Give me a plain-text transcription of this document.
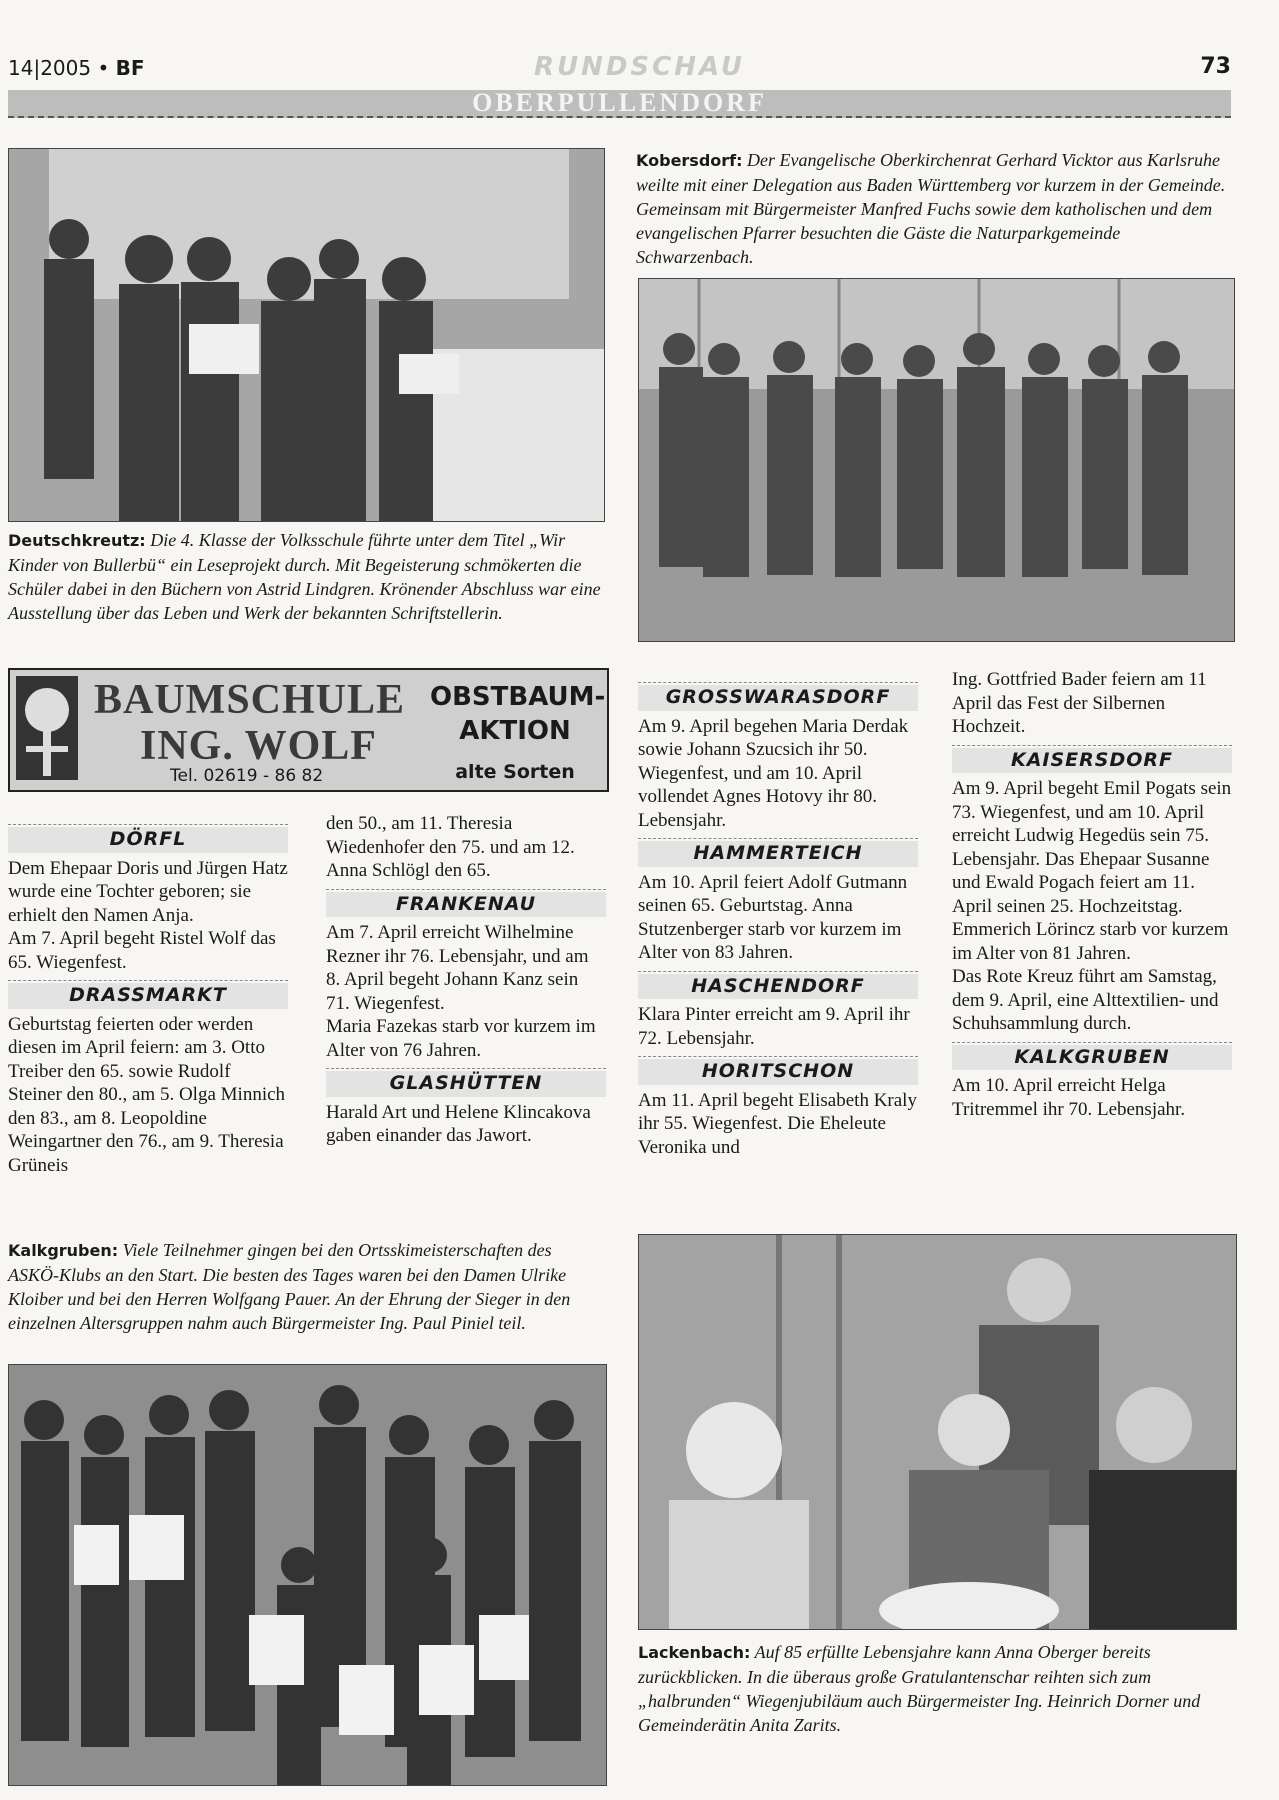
14|2005 • BF	RUNDSCHAU	73
OBERPULLENDORF
Kobersdorf: Der Evangelische Oberkirchenrat Gerhard Vicktor aus Karlsruhe weilte mit einer Delegation aus Baden Württemberg vor kurzem in der Gemeinde. Gemeinsam mit Bürgermeister Manfred Fuchs sowie dem katholischen und dem evangelischen Pfarrer besuchten die Gäste die Naturparkgemeinde Schwarzenbach.
Deutschkreutz: Die 4. Klasse der Volksschule führte unter dem Titel „Wir Kinder von Bullerbü“ ein Leseprojekt durch. Mit Begeisterung schmökerten die Schüler dabei in den Büchern von Astrid Lindgren. Krönender Abschluss war eine Ausstellung über das Leben und Werk der bekannten Schriftstellerin.
BAUMSCHULE
ING. WOLF
Tel. 02619 - 86 82
OBSTBAUM-
AKTION
alte Sorten
DÖRFL

Dem Ehepaar Doris und Jürgen Hatz wurde eine Tochter geboren; sie erhielt den Namen Anja.

Am 7. April begeht Ristel Wolf das 65. Wiegenfest.

DRASSMARKT

Geburtstag feierten oder werden diesen im April feiern: am 3. Otto Treiber den 65. sowie Rudolf Steiner den 80., am 5. Olga Minnich den 83., am 8. Leopoldine Weingartner den 76., am 9. Theresia Grüneis

den 50., am 11. Theresia Wiedenhofer den 75. und am 12. Anna Schlögl den 65.

FRANKENAU

Am 7. April erreicht Wilhelmine Rezner ihr 76. Lebensjahr, und am 8. April begeht Johann Kanz sein 71. Wiegenfest.

Maria Fazekas starb vor kurzem im Alter von 76 Jahren.

GLASHÜTTEN

Harald Art und Helene Klincakova gaben einander das Jawort.

GROSSWARASDORF

Am 9. April begehen Maria Derdak sowie Johann Szucsich ihr 50. Wiegenfest, und am 10. April vollendet Agnes Hotovy ihr 80. Lebensjahr.

HAMMERTEICH

Am 10. April feiert Adolf Gutmann seinen 65. Geburtstag. Anna Stutzenberger starb vor kurzem im Alter von 83 Jahren.

HASCHENDORF

Klara Pinter erreicht am 9. April ihr 72. Lebensjahr.

HORITSCHON

Am 11. April begeht Elisabeth Kraly ihr 55. Wiegenfest. Die Eheleute Veronika und

Ing. Gottfried Bader feiern am 11 April das Fest der Silbernen Hochzeit.

KAISERSDORF

Am 9. April begeht Emil Pogats sein 73. Wiegenfest, und am 10. April erreicht Ludwig Hegedüs sein 75. Lebensjahr. Das Ehepaar Susanne und Ewald Pogach feiert am 11. April seinen 25. Hochzeitstag. Emmerich Lörincz starb vor kurzem im Alter von 81 Jahren.

Das Rote Kreuz führt am Samstag, dem 9. April, eine Alttextilien- und Schuhsammlung durch.

KALKGRUBEN

Am 10. April erreicht Helga Tritremmel ihr 70. Lebensjahr.

Kalkgruben: Viele Teilnehmer gingen bei den Ortsskimeisterschaften des ASKÖ-Klubs an den Start. Die besten des Tages waren bei den Damen Ulrike Kloiber und bei den Herren Wolfgang Pauer. An der Ehrung der Sieger in den einzelnen Altersgruppen nahm auch Bürgermeister Ing. Paul Piniel teil.
Lackenbach: Auf 85 erfüllte Lebensjahre kann Anna Oberger bereits zurückblicken. In die überaus große Gratulantenschar reihten sich zum „halbrunden“ Wiegenjubiläum auch Bürgermeister Ing. Heinrich Dorner und Gemeinderätin Anita Zarits.
